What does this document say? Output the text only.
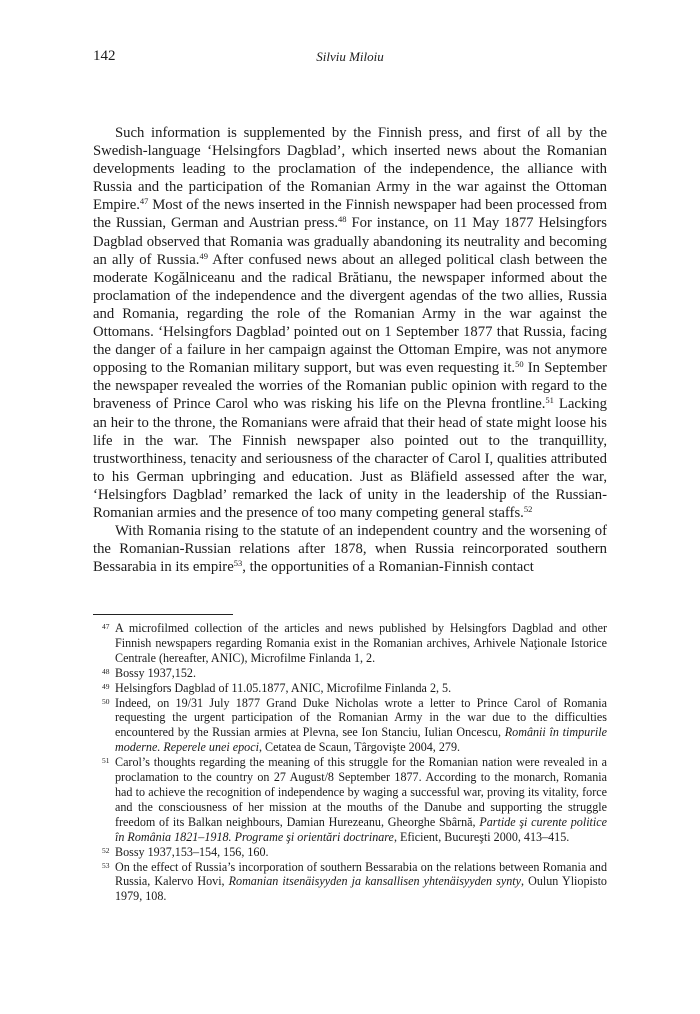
142	Silviu Miloiu

Such information is supplemented by the Finnish press, and first of all by the Swedish-language ‘Helsingfors Dagblad’, which inserted news about the Romanian developments leading to the proclamation of the independence, the alliance with Russia and the participation of the Romanian Army in the war against the Ottoman Empire.$^{47}$ Most of the news inserted in the Finnish newspaper had been processed from the Russian, German and Austrian press.$^{48}$ For instance, on 11 May 1877 Helsingfors Dagblad observed that Romania was gradually abandoning its neutrality and becoming an ally of Russia.$^{49}$ After confused news about an alleged political clash between the moderate Kogălniceanu and the radical Brătianu, the newspaper informed about the proclamation of the independence and the divergent agendas of the two allies, Russia and Romania, regarding the role of the Romanian Army in the war against the Ottomans. ‘Helsingfors Dagblad’ pointed out on 1 September 1877 that Russia, facing the danger of a failure in her campaign against the Ottoman Empire, was not anymore opposing to the Romanian military support, but was even requesting it.$^{50}$ In September the newspaper revealed the worries of the Romanian public opinion with regard to the braveness of Prince Carol who was risking his life on the Plevna frontline.$^{51}$ Lacking an heir to the throne, the Romanians were afraid that their head of state might loose his life in the war. The Finnish newspaper also pointed out to the tranquillity, trustworthiness, tenacity and seriousness of the character of Carol I, qualities attributed to his German upbringing and education. Just as Bläfield assessed after the war, ‘Helsingfors Dagblad’ remarked the lack of unity in the leadership of the Russian-Romanian armies and the presence of too many competing general staffs.$^{52}$

With Romania rising to the statute of an independent country and the worsening of the Romanian-Russian relations after 1878, when Russia reincorporated southern Bessarabia in its empire$^{53}$, the opportunities of a Romanian-Finnish contact

47 A microfilmed collection of the articles and news published by Helsingfors Dagblad and other Finnish newspapers regarding Romania exist in the Romanian archives, Arhivele Naţionale Istorice Centrale (hereafter, ANIC), Microfilme Finlanda 1, 2.

48 Bossy 1937,152.

49 Helsingfors Dagblad of 11.05.1877, ANIC, Microfilme Finlanda 2, 5.

50 Indeed, on 19/31 July 1877 Grand Duke Nicholas wrote a letter to Prince Carol of Romania requesting the urgent participation of the Romanian Army in the war due to the difficulties encountered by the Russian armies at Plevna, see Ion Stanciu, Iulian Oncescu, Românii în timpurile moderne. Reperele unei epoci, Cetatea de Scaun, Târgovişte 2004, 279.

51 Carol’s thoughts regarding the meaning of this struggle for the Romanian nation were revealed in a proclamation to the country on 27 August/8 September 1877. According to the monarch, Romania had to achieve the recognition of independence by waging a successful war, proving its vitality, force and the consciousness of her mission at the mouths of the Danube and supporting the struggle freedom of its Balkan neighbours, Damian Hurezeanu, Gheorghe Sbârnă, Partide şi curente politice în România 1821–1918. Programe şi orientări doctrinare, Eficient, Bucureşti 2000, 413–415.

52 Bossy 1937,153–154, 156, 160.

53 On the effect of Russia’s incorporation of southern Bessarabia on the relations between Romania and Russia, Kalervo Hovi, Romanian itsenäisyyden ja kansallisen yhtenäisyyden synty, Oulun Yliopisto 1979, 108.
